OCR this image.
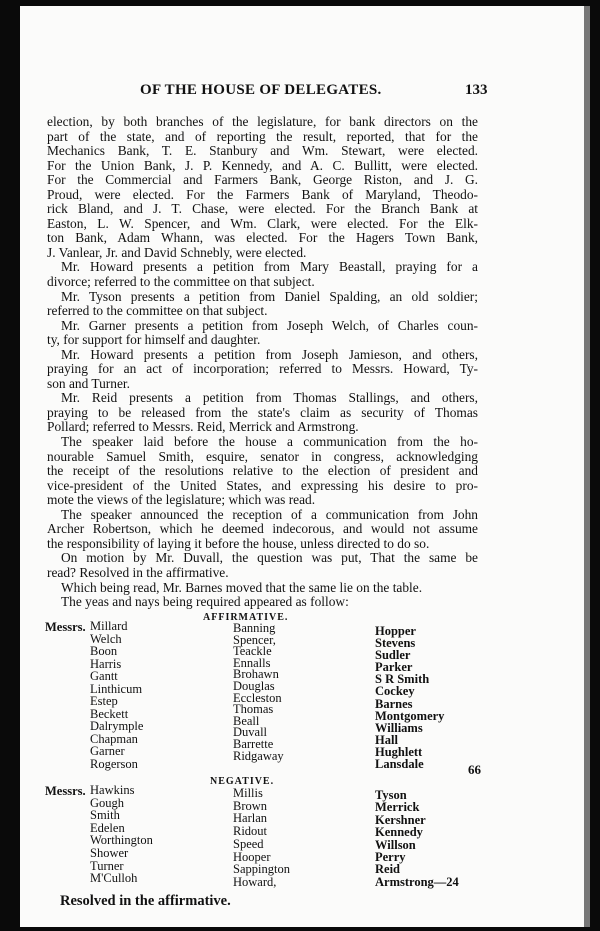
OF THE HOUSE OF DELEGATES.	133
election, by both branches of the legislature, for bank directors on the
part of the state, and of reporting the result, reported, that for the
Mechanics Bank, T. E. Stanbury and Wm. Stewart, were elected.
For the Union Bank, J. P. Kennedy, and A. C. Bullitt, were elected.
For the Commercial and Farmers Bank, George Riston, and J. G.
Proud, were elected. For the Farmers Bank of Maryland, Theodo-
rick Bland, and J. T. Chase, were elected. For the Branch Bank at
Easton, L. W. Spencer, and Wm. Clark, were elected. For the Elk-
ton Bank, Adam Whann, was elected. For the Hagers Town Bank,
J. Vanlear, Jr. and David Schnebly, were elected.
Mr. Howard presents a petition from Mary Beastall, praying for a
divorce; referred to the committee on that subject.
Mr. Tyson presents a petition from Daniel Spalding, an old soldier;
referred to the committee on that subject.
Mr. Garner presents a petition from Joseph Welch, of Charles coun-
ty, for support for himself and daughter.
Mr. Howard presents a petition from Joseph Jamieson, and others,
praying for an act of incorporation; referred to Messrs. Howard, Ty-
son and Turner.
Mr. Reid presents a petition from Thomas Stallings, and others,
praying to be released from the state's claim as security of Thomas
Pollard; referred to Messrs. Reid, Merrick and Armstrong.
The speaker laid before the house a communication from the ho-
nourable Samuel Smith, esquire, senator in congress, acknowledging
the receipt of the resolutions relative to the election of president and
vice-president of the United States, and expressing his desire to pro-
mote the views of the legislature; which was read.
The speaker announced the reception of a communication from John
Archer Robertson, which he deemed indecorous, and would not assume
the responsibility of laying it before the house, unless directed to do so.
On motion by Mr. Duvall, the question was put, That the same be
read? Resolved in the affirmative.
Which being read, Mr. Barnes moved that the same lie on the table.
The yeas and nays being required appeared as follow:
AFFIRMATIVE.
Messrs. Millard
Welch
Boon
Harris
Gantt
Linthicum
Estep
Beckett
Dalrymple
Chapman
Garner
Rogerson
Banning
Spencer,
Teackle
Ennalls
Brohawn
Douglas
Eccleston
Thomas
Beall
Duvall
Barrette
Ridgaway
Hopper
Stevens
Sudler
Parker
S R Smith
Cockey
Barnes
Montgomery
Williams
Hall
Hughlett
Lansdale	66
NEGATIVE.
Messrs. Hawkins
Gough
Smith
Edelen
Worthington
Shower
Turner
M'Culloh
Millis
Brown
Harlan
Ridout
Speed
Hooper
Sappington
Howard,
Tyson
Merrick
Kershner
Kennedy
Willson
Perry
Reid
Armstrong—24
Resolved in the affirmative.
